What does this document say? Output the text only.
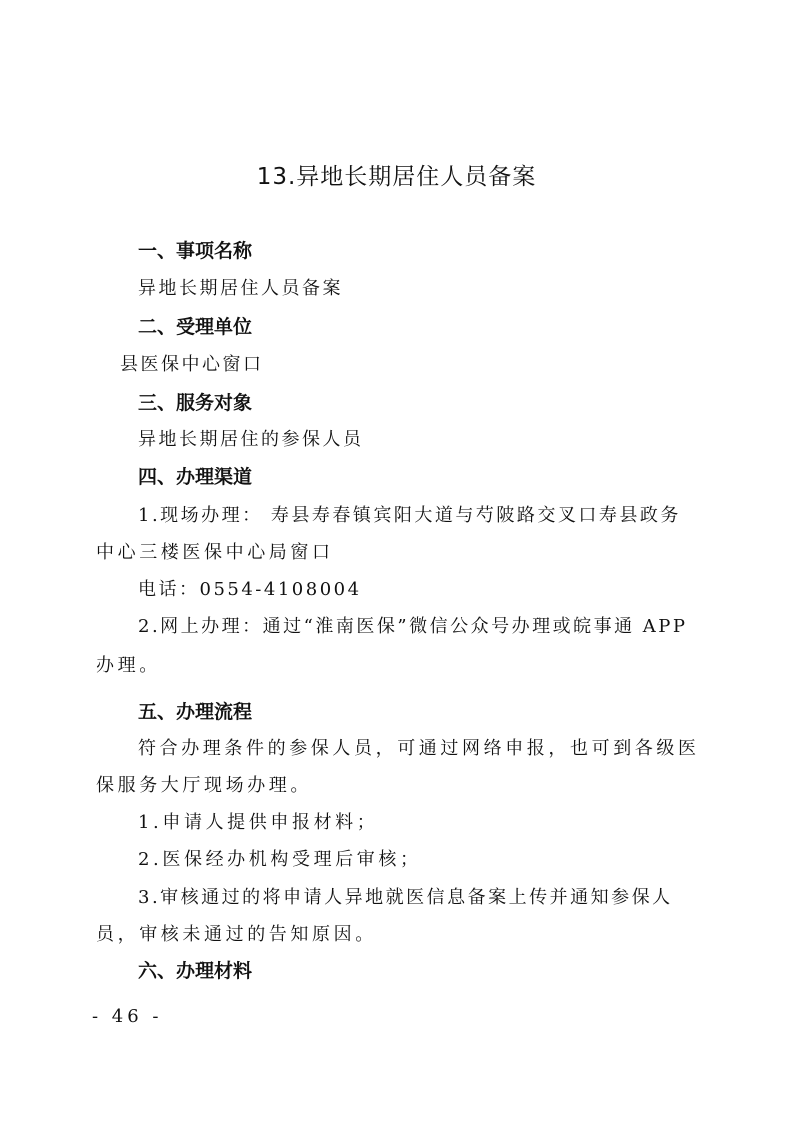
13.异地长期居住人员备案
一、事项名称

异地长期居住人员备案

二、受理单位

县医保中心窗口

三、服务对象

异地长期居住的参保人员

四、办理渠道

1.现场办理： 寿县寿春镇宾阳大道与芍陂路交叉口寿县政务

中心三楼医保中心局窗口

电话：0554-4108004

2.网上办理：通过“淮南医保”微信公众号办理或皖事通 APP

办理。

五、办理流程

符合办理条件的参保人员，可通过网络申报，也可到各级医

保服务大厅现场办理。

1.申请人提供申报材料；

2.医保经办机构受理后审核；

3.审核通过的将申请人异地就医信息备案上传并通知参保人

员，审核未通过的告知原因。

六、办理材料
- 46 -
